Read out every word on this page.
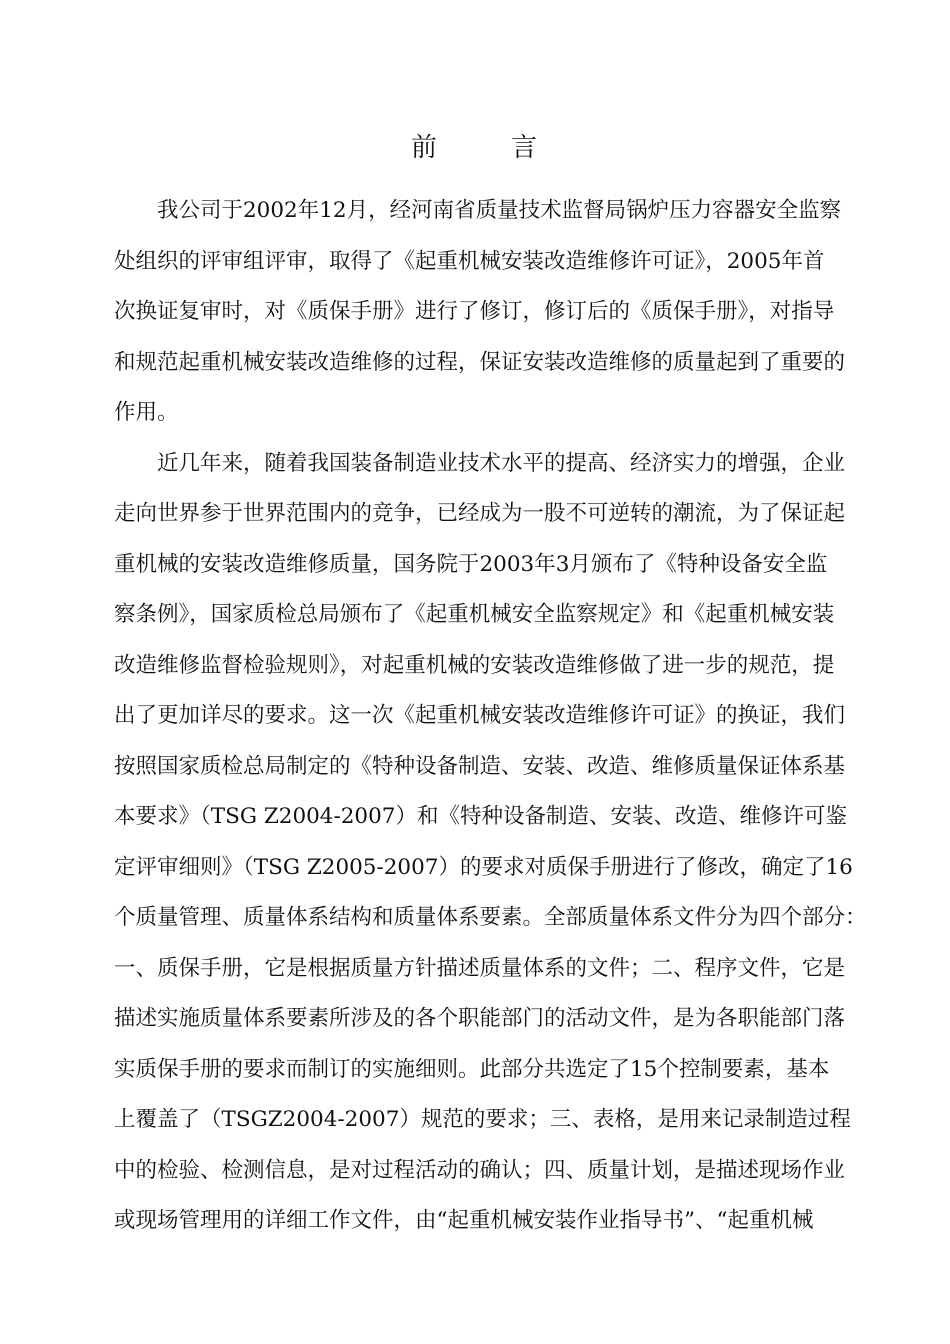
前	言
我公司于2002年12月，经河南省质量技术监督局锅炉压力容器安全监察
处组织的评审组评审，取得了《起重机械安装改造维修许可证》，2005年首
次换证复审时，对《质保手册》进行了修订，修订后的《质保手册》，对指导
和规范起重机械安装改造维修的过程，保证安装改造维修的质量起到了重要的
作用。
近几年来，随着我国装备制造业技术水平的提高、经济实力的增强，企业
走向世界参于世界范围内的竞争，已经成为一股不可逆转的潮流，为了保证起
重机械的安装改造维修质量，国务院于2003年3月颁布了《特种设备安全监
察条例》，国家质检总局颁布了《起重机械安全监察规定》和《起重机械安装
改造维修监督检验规则》，对起重机械的安装改造维修做了进一步的规范，提
出了更加详尽的要求。这一次《起重机械安装改造维修许可证》的换证，我们
按照国家质检总局制定的《特种设备制造、安装、改造、维修质量保证体系基
本要求》（TSG Z2004-2007）和《特种设备制造、安装、改造、维修许可鉴
定评审细则》（TSG Z2005-2007）的要求对质保手册进行了修改，确定了16
个质量管理、质量体系结构和质量体系要素。全部质量体系文件分为四个部分：
一、质保手册，它是根据质量方针描述质量体系的文件；二、程序文件，它是
描述实施质量体系要素所涉及的各个职能部门的活动文件，是为各职能部门落
实质保手册的要求而制订的实施细则。此部分共选定了15个控制要素，基本
上覆盖了（TSGZ2004-2007）规范的要求；三、表格，是用来记录制造过程
中的检验、检测信息，是对过程活动的确认；四、质量计划，是描述现场作业
或现场管理用的详细工作文件，由“起重机械安装作业指导书”、“起重机械
